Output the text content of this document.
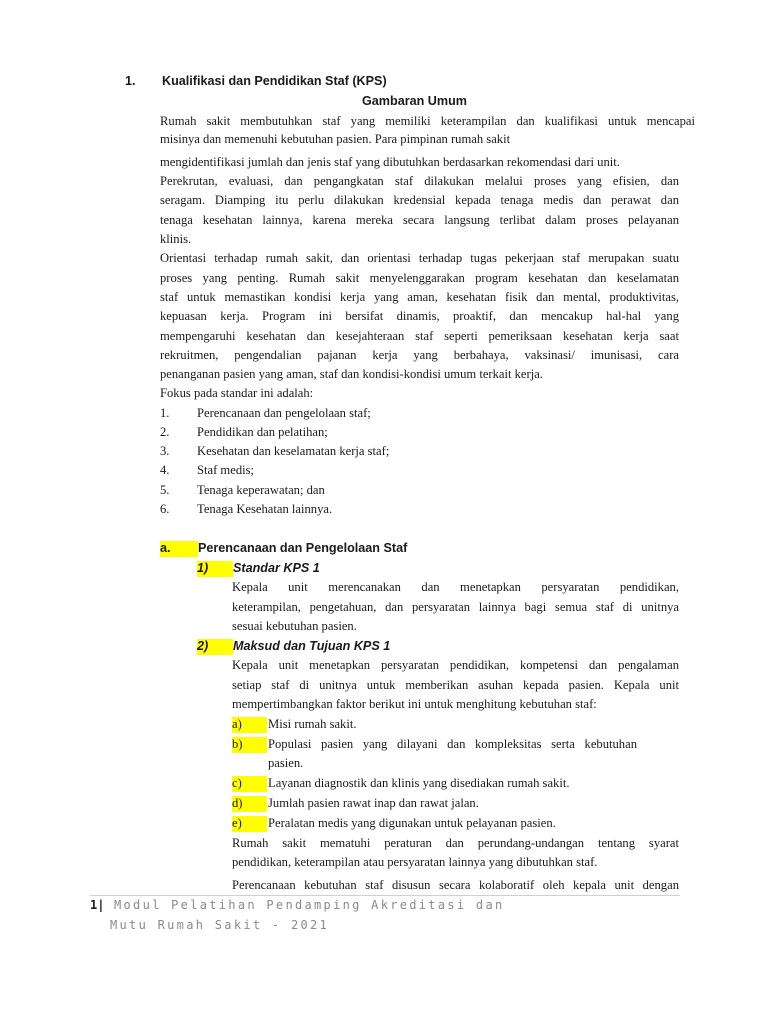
1. Kualifikasi dan Pendidikan Staf (KPS)
Gambaran Umum
Rumah sakit membutuhkan staf yang memiliki keterampilan dan kualifikasi untuk mencapai
misinya dan memenuhi kebutuhan pasien. Para pimpinan rumah sakit
mengidentifikasi jumlah dan jenis staf yang dibutuhkan berdasarkan rekomendasi dari unit.
Perekrutan, evaluasi, dan pengangkatan staf dilakukan melalui proses yang efisien, dan
seragam. Diamping itu perlu dilakukan kredensial kepada tenaga medis dan perawat dan
tenaga kesehatan lainnya, karena mereka secara langsung terlibat dalam proses pelayanan
klinis.
Orientasi terhadap rumah sakit, dan orientasi terhadap tugas pekerjaan staf merupakan suatu
proses yang penting. Rumah sakit menyelenggarakan program kesehatan dan keselamatan
staf untuk memastikan kondisi kerja yang aman, kesehatan fisik dan mental, produktivitas,
kepuasan kerja. Program ini bersifat dinamis, proaktif, dan mencakup hal-hal yang
mempengaruhi kesehatan dan kesejahteraan staf seperti pemeriksaan kesehatan kerja saat
rekruitmen, pengendalian pajanan kerja yang berbahaya, vaksinasi/ imunisasi, cara
penanganan pasien yang aman, staf dan kondisi-kondisi umum terkait kerja.
Fokus pada standar ini adalah:
1. Perencanaan dan pengelolaan staf;
2. Pendidikan dan pelatihan;
3. Kesehatan dan keselamatan kerja staf;
4. Staf medis;
5. Tenaga keperawatan; dan
6. Tenaga Kesehatan lainnya.
a.	Perencanaan dan Pengelolaan Staf
1)	Standar KPS 1
Kepala unit merencanakan dan menetapkan persyaratan pendidikan,
keterampilan, pengetahuan, dan persyaratan lainnya bagi semua staf di unitnya
sesuai kebutuhan pasien.
2)	Maksud dan Tujuan KPS 1
Kepala unit menetapkan persyaratan pendidikan, kompetensi dan pengalaman
setiap staf di unitnya untuk memberikan asuhan kepada pasien. Kepala unit
mempertimbangkan faktor berikut ini untuk menghitung kebutuhan staf:
a)	Misi rumah sakit.
b)	Populasi pasien yang dilayani dan kompleksitas serta kebutuhan
pasien.
c)	Layanan diagnostik dan klinis yang disediakan rumah sakit.
d)	Jumlah pasien rawat inap dan rawat jalan.
e)	Peralatan medis yang digunakan untuk pelayanan pasien.
Rumah sakit mematuhi peraturan dan perundang-undangan tentang syarat
pendidikan, keterampilan atau persyaratan lainnya yang dibutuhkan staf.
Perencanaan kebutuhan staf disusun secara kolaboratif oleh kepala unit dengan
1| Modul Pelatihan Pendamping Akreditasi dan
Mutu Rumah Sakit - 2021
